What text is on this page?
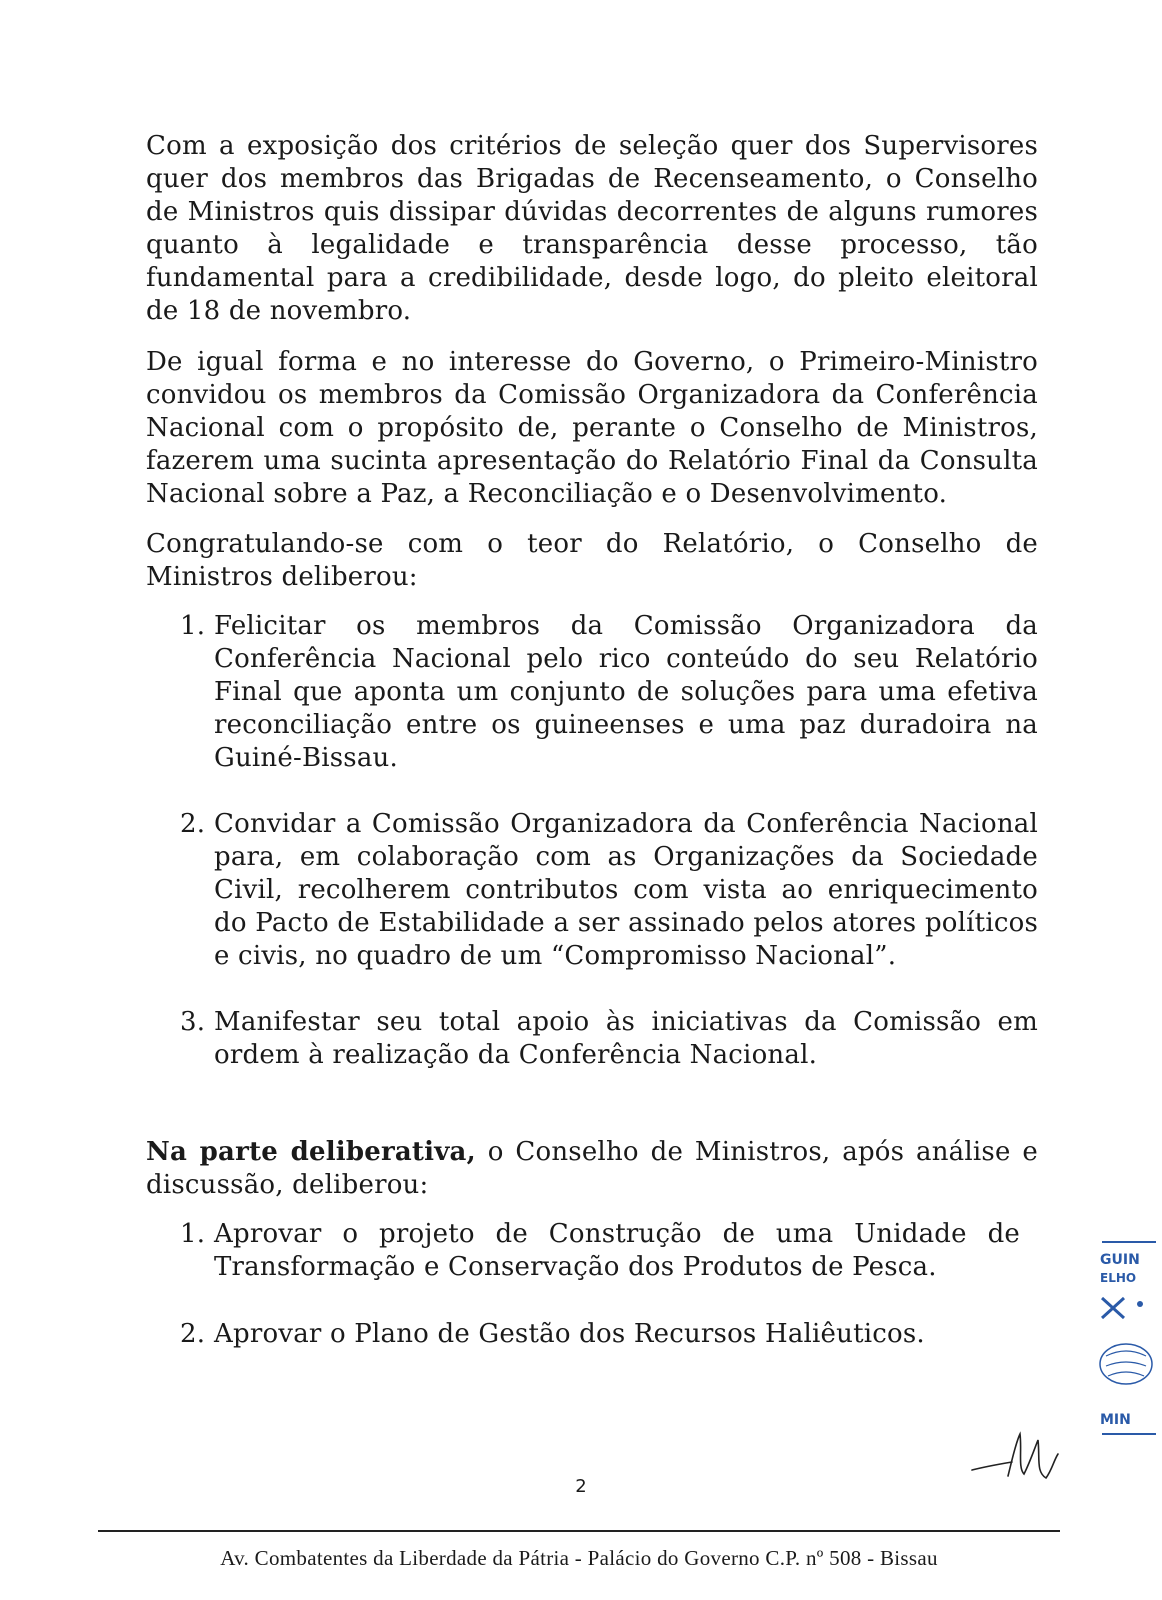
Com a exposição dos critérios de seleção quer dos Supervisores quer dos membros das Brigadas de Recenseamento, o Conselho de Ministros quis dissipar dúvidas decorrentes de alguns rumores quanto à legalidade e transparência desse processo, tão fundamental para a credibilidade, desde logo, do pleito eleitoral de 18 de novembro.

De igual forma e no interesse do Governo, o Primeiro-Ministro convidou os membros da Comissão Organizadora da Conferência Nacional com o propósito de, perante o Conselho de Ministros, fazerem uma sucinta apresentação do Relatório Final da Consulta Nacional sobre a Paz, a Reconciliação e o Desenvolvimento.

Congratulando-se com o teor do Relatório, o Conselho de Ministros deliberou:

1. Felicitar os membros da Comissão Organizadora da Conferência Nacional pelo rico conteúdo do seu Relatório Final que aponta um conjunto de soluções para uma efetiva reconciliação entre os guineenses e uma paz duradoira na Guiné-Bissau.
2. Convidar a Comissão Organizadora da Conferência Nacional para, em colaboração com as Organizações da Sociedade Civil, recolherem contributos com vista ao enriquecimento do Pacto de Estabilidade a ser assinado pelos atores políticos e civis, no quadro de um “Compromisso Nacional”.
3. Manifestar seu total apoio às iniciativas da Comissão em ordem à realização da Conferência Nacional.

Na parte deliberativa, o Conselho de Ministros, após análise e discussão, deliberou:

1. Aprovar o projeto de Construção de uma Unidade de Transformação e Conservação dos Produtos de Pesca.
2. Aprovar o Plano de Gestão dos Recursos Haliêuticos.
2
GUIN
ELHO
MIN
Av. Combatentes da Liberdade da Pátria - Palácio do Governo C.P. nº 508 - Bissau
